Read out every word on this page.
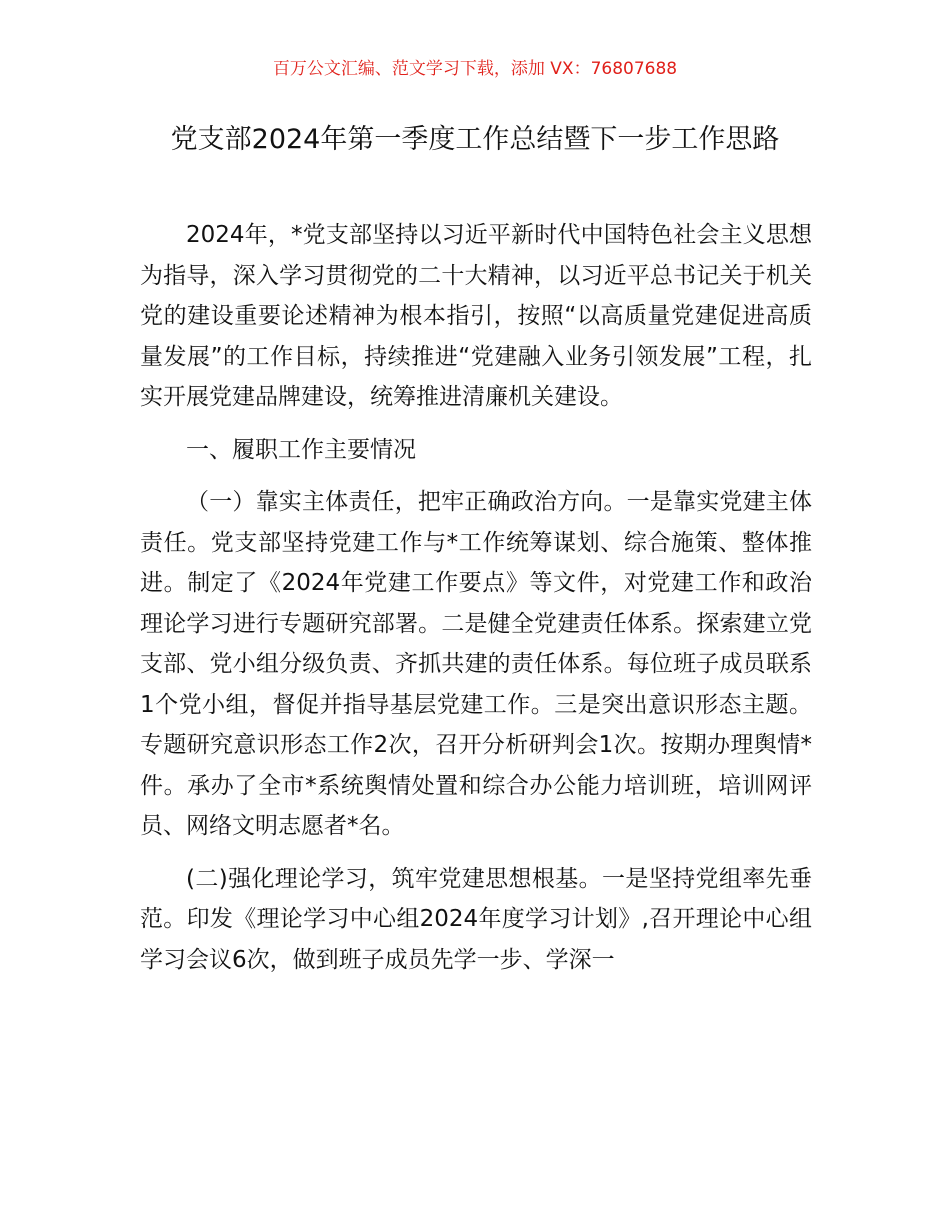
百万公文汇编、范文学习下载，添加 VX：76807688
党支部2024年第一季度工作总结暨下一步工作思路

2024年，*党支部坚持以习近平新时代中国特色社会主义思想为指导，深入学习贯彻党的二十大精神，以习近平总书记关于机关党的建设重要论述精神为根本指引，按照“以高质量党建促进高质量发展”的工作目标，持续推进“党建融入业务引领发展”工程，扎实开展党建品牌建设，统筹推进清廉机关建设。

一、履职工作主要情况

（一）靠实主体责任，把牢正确政治方向。一是靠实党建主体责任。党支部坚持党建工作与*工作统筹谋划、综合施策、整体推进。制定了《2024年党建工作要点》等文件，对党建工作和政治理论学习进行专题研究部署。二是健全党建责任体系。探索建立党支部、党小组分级负责、齐抓共建的责任体系。每位班子成员联系1个党小组，督促并指导基层党建工作。三是突出意识形态主题。专题研究意识形态工作2次，召开分析研判会1次。按期办理舆情*件。承办了全市*系统舆情处置和综合办公能力培训班，培训网评员、网络文明志愿者*名。

(二)强化理论学习，筑牢党建思想根基。一是坚持党组率先垂范。印发《理论学习中心组2024年度学习计划》,召开理论中心组学习会议6次，做到班子成员先学一步、学深一
